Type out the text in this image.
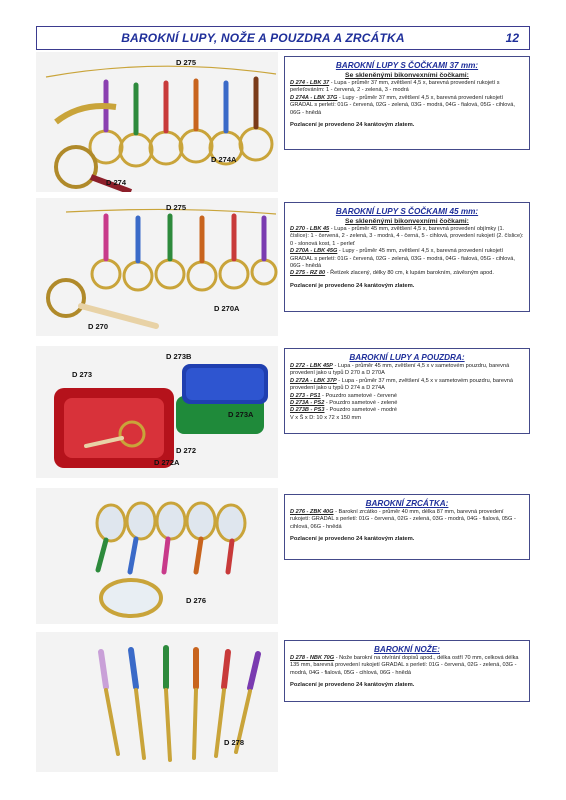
BAROKNÍ LUPY, NOŽE A POUZDRA A ZRCÁTKA	12
D 275
D 274A
D 274
BAROKNÍ LUPY S ČOČKAMI 37 mm:
Se skleněnými bikonvexními čočkami:

D 274 - LBK 37 - Lupa - průměr 37 mm, zvětšení 4,5 x, barevná provedení rukojetí s perleťováním: 1 - červená, 2 - zelená, 3 - modrá

D 274A - LBK 37G - Lupy - průměr 37 mm, zvětšení 4,5 x, barevná provedení rukojetí GRADAL s perletí: 01G - červená, 02G - zelená, 03G - modrá, 04G - fialová, 05G - cihlová, 06G - hnědá

Pozlacení je provedeno 24 karátovým zlatem.

D 275
D 270A
D 270
BAROKNÍ LUPY S ČOČKAMI 45 mm:
Se skleněnými bikonvexními čočkami:

D 270 - LBK 45 - Lupa - průměr 45 mm, zvětšení 4,5 x, barevná provedení objímky (1. číslice): 1 - červená, 2 - zelená, 3 - modrá, 4 - černá, 5 - cihlová, provedení rukojetí (2. číslice): 0 - slonová kost, 1 - perleť

D 270A - LBK 45G - Lupy - průměr 45 mm, zvětšení 4,5 x, barevná provedení rukojetí GRADAL s perletí: 01G - červená, 02G - zelená, 03G - modrá, 04G - fialová, 05G - cihlová, 06G - hnědá

D 275 - RZ 80 - Řetízek zlacený, délky 80 cm, k lupám barokním, závěsným apod.

Pozlacení je provedeno 24 karátovým zlatem.

D 273B
D 273
D 273A
D 272
D 272A
BAROKNÍ LUPY A POUZDRA:

D 272 - LBK 45P - Lupa - průměr 45 mm, zvětšení 4,5 x v sametovém pouzdru, barevná provedení jako u typů D 270 a D 270A

D 272A - LBK 37P - Lupa - průměr 37 mm, zvětšení 4,5 x v sametovém pouzdru, barevná provedení jako u typů D 274 a D 274A

D 273 - PS1 - Pouzdro sametové - červené

D 273A - PS2 - Pouzdro sametové - zelené

D 273B - PS3 - Pouzdro sametové - modré

V x Š x D: 10 x 72 x 150 mm

D 276
BAROKNÍ ZRCÁTKA:

D 276 - ZBK 40G - Barokní zrcátko - průměr 40 mm, délka 87 mm, barevná provedení rukojetí: GRADAL s perletí: 01G - červená, 02G - zelená, 03G - modrá, 04G - fialová, 05G - cihlová, 06G - hnědá

Pozlacení je provedeno 24 karátovým zlatem.

D 278
BAROKNÍ NOŽE:

D 278 - NBK 70G - Nože barokní na otvírání dopisů apod., délka ostří 70 mm, celková délka 135 mm, barevná provedení rukojetí GRADAL s perletí: 01G - červená, 02G - zelená, 03G - modrá, 04G - fialová, 05G - cihlová, 06G - hnědá

Pozlacení je provedeno 24 karátovým zlatem.
